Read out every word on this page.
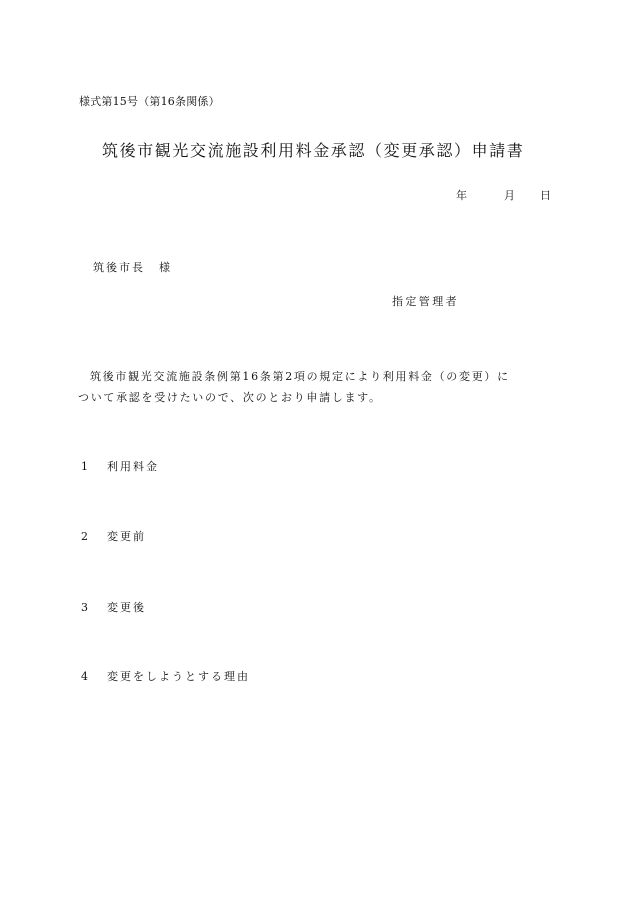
様式第15号（第16条関係）
筑後市観光交流施設利用料金承認（変更承認）申請書
年	月 日
筑後市長 様
指定管理者
筑後市観光交流施設条例第16条第2項の規定により利用料金（の変更）に
ついて承認を受けたいので、次のとおり申請します。
1 利用料金
2 変更前
3 変更後
4 変更をしようとする理由
